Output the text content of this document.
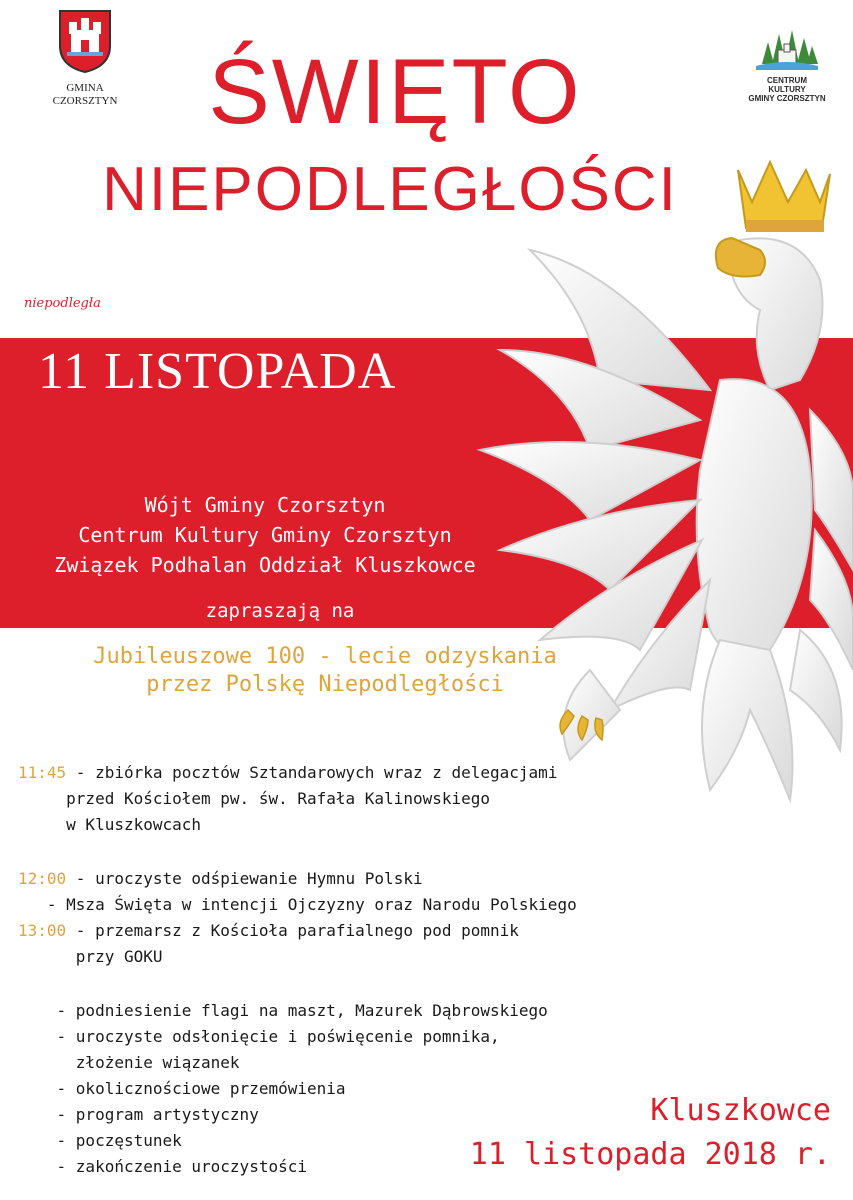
GMINA
CZORSZTYN
CENTRUM KULTURY
GMINY CZORSZTYN
ŚWIĘTO
NIEPODLEGŁOŚCI
niepodległa
11 LISTOPADA
Wójt Gminy Czorsztyn
Centrum Kultury Gminy Czorsztyn
Związek Podhalan Oddział Kluszkowce
zapraszają na
Jubileuszowe 100 - lecie odzyskania
przez Polskę Niepodległości
11:45 - zbiórka pocztów Sztandarowych wraz z delegacjami
przed Kościołem pw. św. Rafała Kalinowskiego
w Kluszkowcach
12:00 - uroczyste odśpiewanie Hymnu Polski
- Msza Święta w intencji Ojczyzny oraz Narodu Polskiego
13:00 - przemarsz z Kościoła parafialnego pod pomnik
przy GOKU
- podniesienie flagi na maszt, Mazurek Dąbrowskiego
- uroczyste odsłonięcie i poświęcenie pomnika,
złożenie wiązanek
- okolicznościowe przemówienia
- program artystyczny
- poczęstunek
- zakończenie uroczystości
Kluszkowce
11 listopada 2018 r.
